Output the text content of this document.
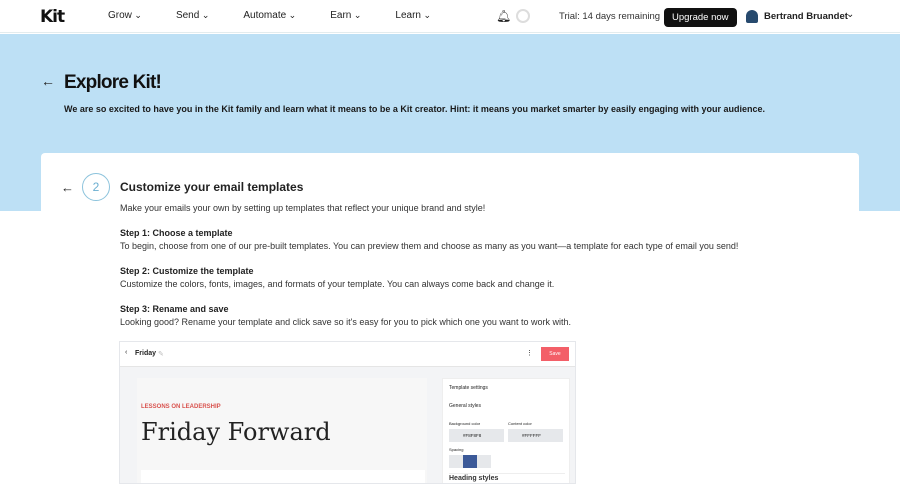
Kit	Grow ⌄	Send ⌄	Automate ⌄	Earn ⌄	Learn ⌄	🔔︎	Trial: 14 days remaining	Upgrade now	Bertrand Bruandet
⌄
← Explore Kit!

We are so excited to have you in the Kit family and learn what it means to be a Kit creator. Hint: it means you market smarter by easily engaging with your audience.

←	2	Customize your email templates

Make your emails your own by setting up templates that reflect your unique brand and style!

Step 1: Choose a template

To begin, choose from one of our pre-built templates. You can preview them and choose as many as you want—a template for each type of email you send!

Step 2: Customize the template

Customize the colors, fonts, images, and formats of your template. You can always come back and change it.

Step 3: Rename and save

Looking good? Rename your template and click save so it's easy for you to pick which one you want to work with.

‹ Friday ✎	⋮	Save
LESSONS ON LEADERSHIP
Friday Forward
Template settings
General styles
Background color	Content color
#F8F8F8	#FFFFFF
Spacing
Heading styles
